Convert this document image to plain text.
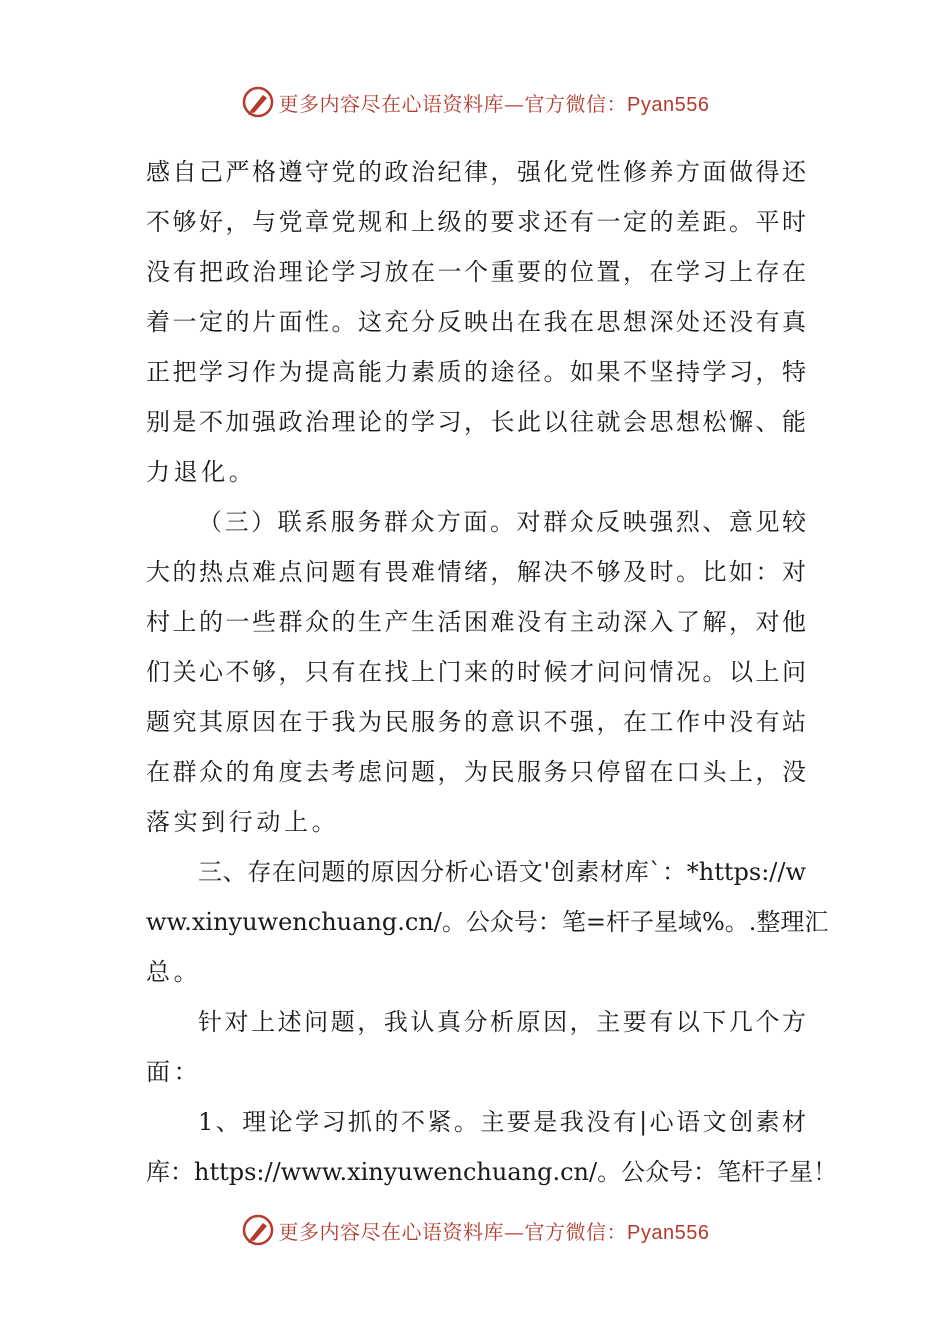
更多内容尽在心语资料库—官方微信：Pyan556
感自己严格遵守党的政治纪律，强化党性修养方面做得还
不够好，与党章党规和上级的要求还有一定的差距。平时
没有把政治理论学习放在一个重要的位置，在学习上存在
着一定的片面性。这充分反映出在我在思想深处还没有真
正把学习作为提高能力素质的途径。如果不坚持学习，特
别是不加强政治理论的学习，长此以往就会思想松懈、能
力退化。
（三）联系服务群众方面。对群众反映强烈、意见较
大的热点难点问题有畏难情绪，解决不够及时。比如：对
村上的一些群众的生产生活困难没有主动深入了解，对他
们关心不够，只有在找上门来的时候才问问情况。以上问
题究其原因在于我为民服务的意识不强，在工作中没有站
在群众的角度去考虑问题，为民服务只停留在口头上，没
落实到行动上。
三、存在问题的原因分析心语文'创素材库`：*https://w
ww.xinyuwenchuang.cn/。公众号：笔=杆子星域%。.整理汇
总。
针对上述问题，我认真分析原因，主要有以下几个方
面：
1、理论学习抓的不紧。主要是我没有|心语文创素材
库：https://www.xinyuwenchuang.cn/。公众号：笔杆子星！
更多内容尽在心语资料库—官方微信：Pyan556
